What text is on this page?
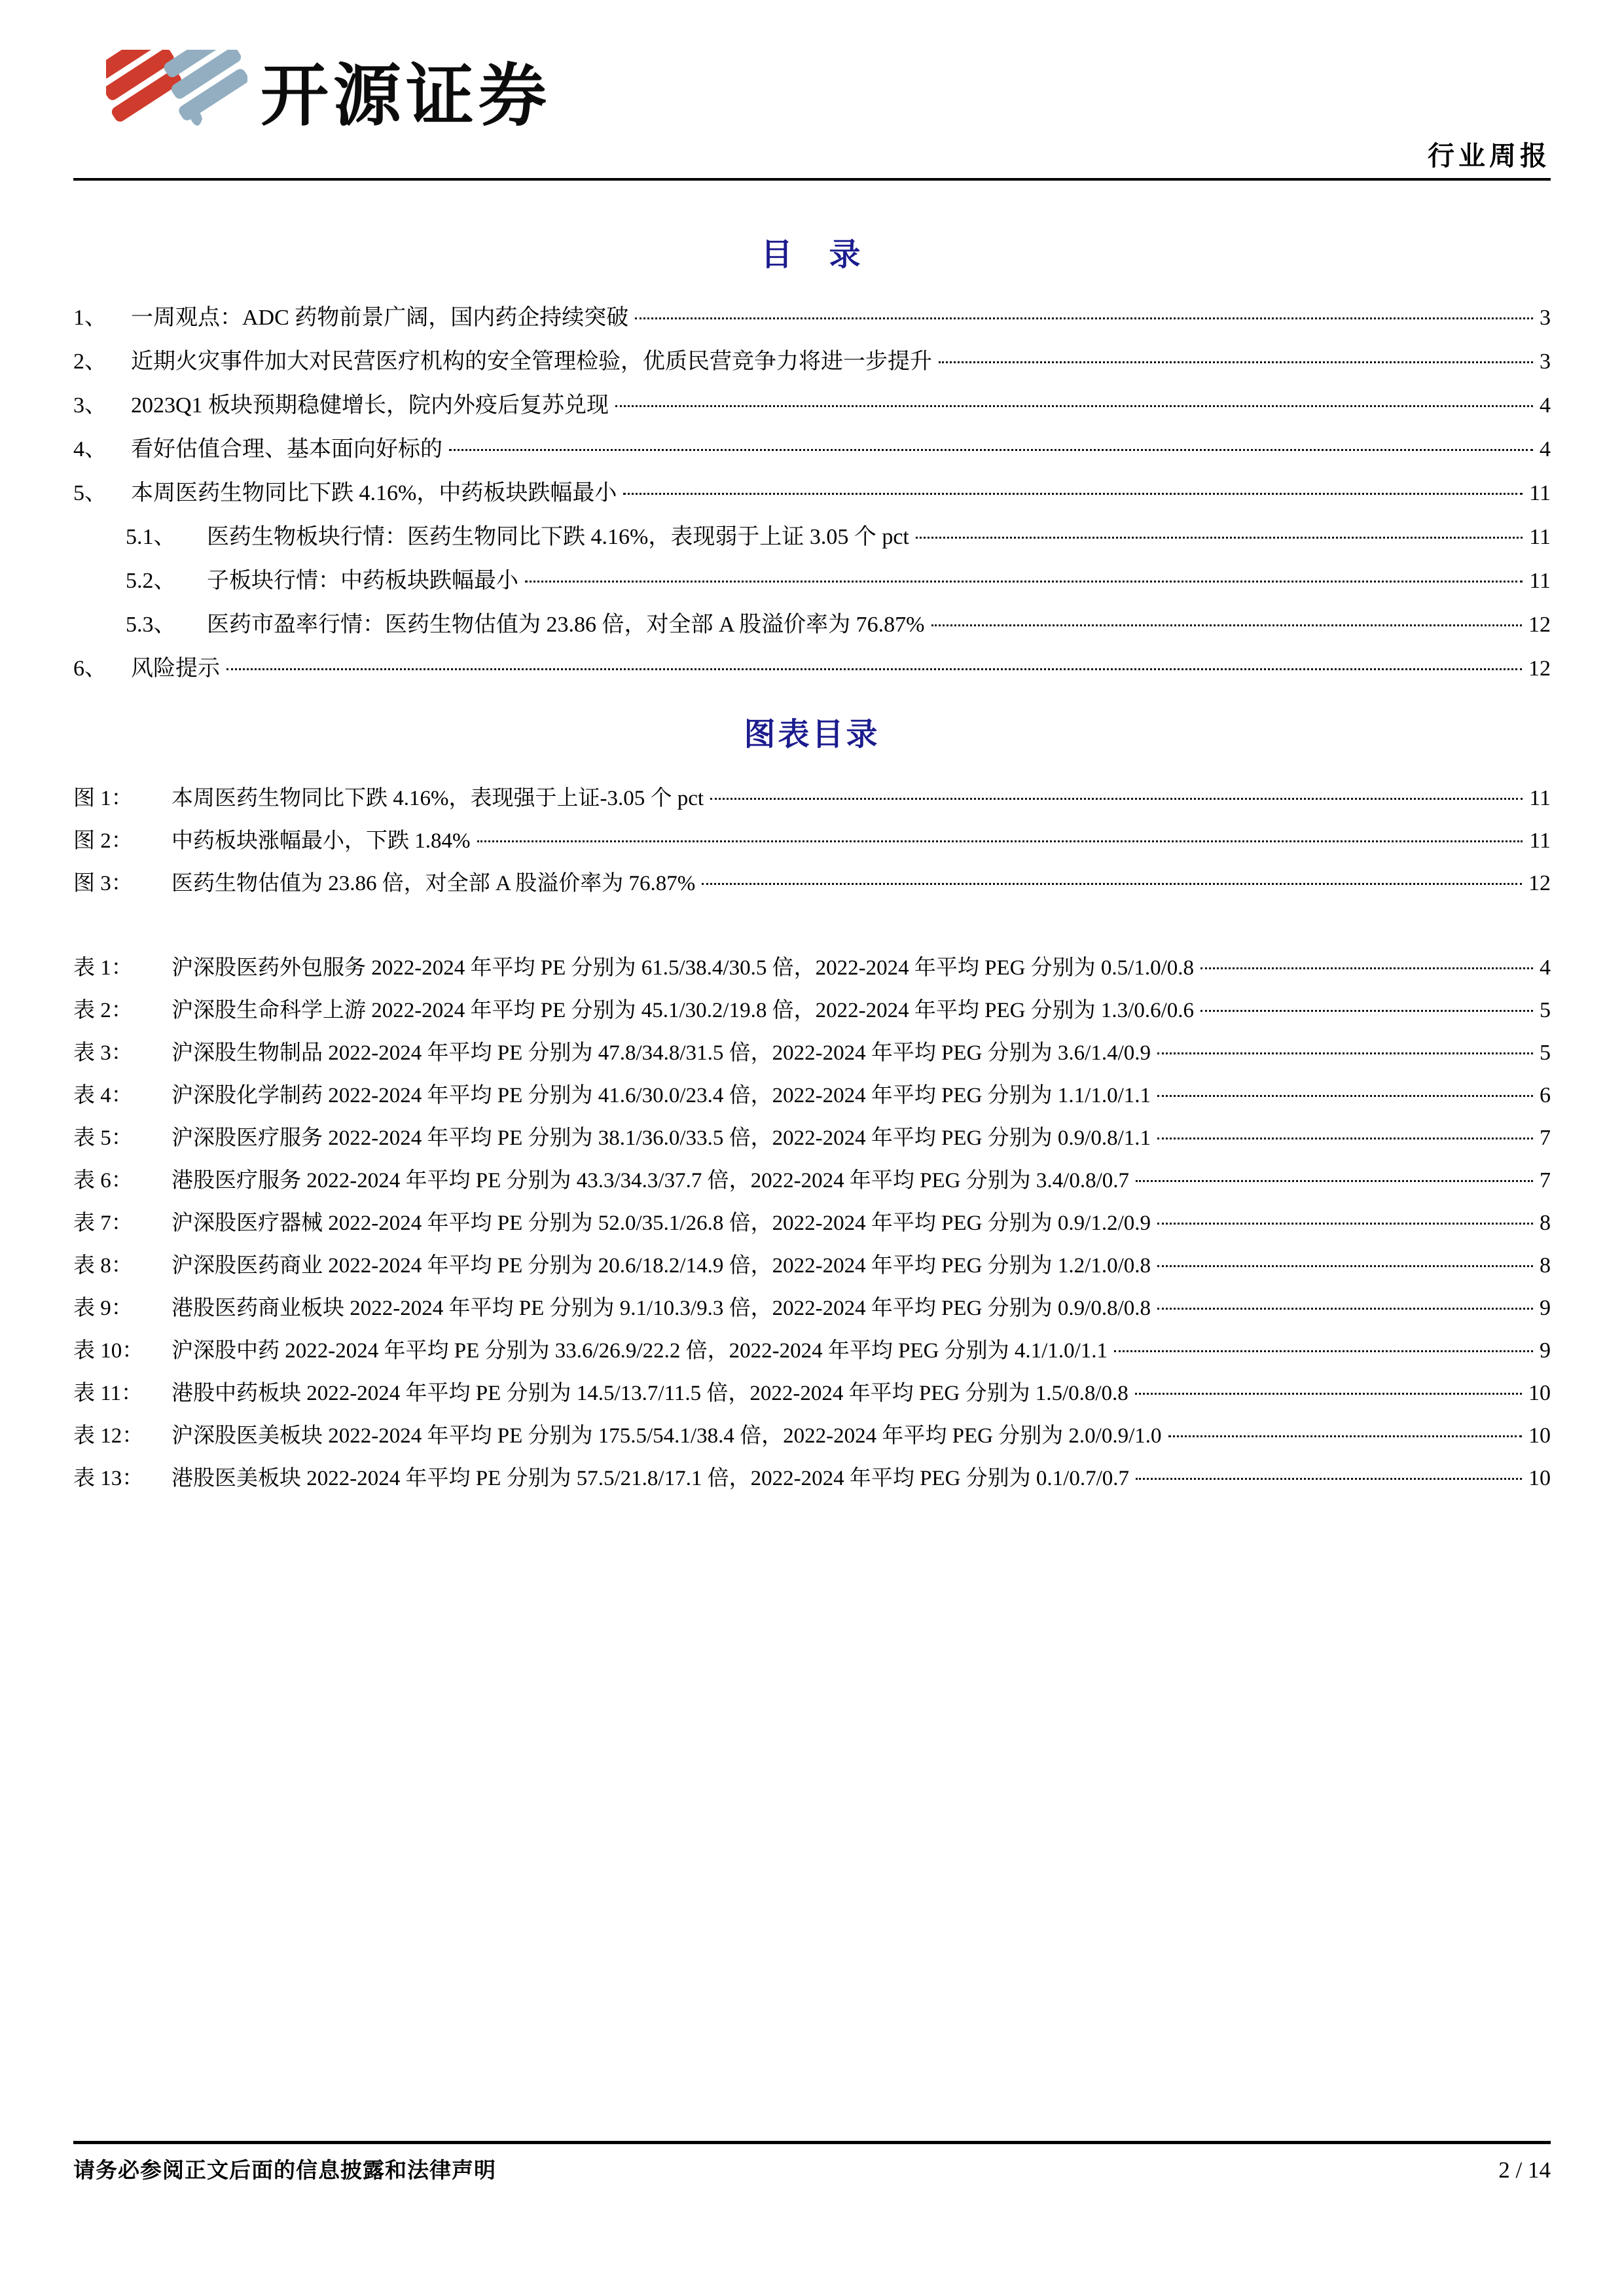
开源证券
行业周报
目　录
1、	一周观点：ADC 药物前景广阔，国内药企持续突破	3
2、	近期火灾事件加大对民营医疗机构的安全管理检验，优质民营竞争力将进一步提升	3
3、	2023Q1 板块预期稳健增长，院内外疫后复苏兑现	4
4、	看好估值合理、基本面向好标的	4
5、	本周医药生物同比下跌 4.16%，中药板块跌幅最小	11
5.1、	医药生物板块行情：医药生物同比下跌 4.16%，表现弱于上证 3.05 个 pct	11
5.2、	子板块行情：中药板块跌幅最小	11
5.3、	医药市盈率行情：医药生物估值为 23.86 倍，对全部 A 股溢价率为 76.87%	12
6、	风险提示	12
图表目录
图 1：	本周医药生物同比下跌 4.16%，表现强于上证-3.05 个 pct	11
图 2：	中药板块涨幅最小，下跌 1.84%	11
图 3：	医药生物估值为 23.86 倍，对全部 A 股溢价率为 76.87%	12
表 1：	沪深股医药外包服务 2022-2024 年平均 PE 分别为 61.5/38.4/30.5 倍，2022-2024 年平均 PEG 分别为 0.5/1.0/0.8	4
表 2：	沪深股生命科学上游 2022-2024 年平均 PE 分别为 45.1/30.2/19.8 倍，2022-2024 年平均 PEG 分别为 1.3/0.6/0.6	5
表 3：	沪深股生物制品 2022-2024 年平均 PE 分别为 47.8/34.8/31.5 倍，2022-2024 年平均 PEG 分别为 3.6/1.4/0.9	5
表 4：	沪深股化学制药 2022-2024 年平均 PE 分别为 41.6/30.0/23.4 倍，2022-2024 年平均 PEG 分别为 1.1/1.0/1.1	6
表 5：	沪深股医疗服务 2022-2024 年平均 PE 分别为 38.1/36.0/33.5 倍，2022-2024 年平均 PEG 分别为 0.9/0.8/1.1	7
表 6：	港股医疗服务 2022-2024 年平均 PE 分别为 43.3/34.3/37.7 倍，2022-2024 年平均 PEG 分别为 3.4/0.8/0.7	7
表 7：	沪深股医疗器械 2022-2024 年平均 PE 分别为 52.0/35.1/26.8 倍，2022-2024 年平均 PEG 分别为 0.9/1.2/0.9	8
表 8：	沪深股医药商业 2022-2024 年平均 PE 分别为 20.6/18.2/14.9 倍，2022-2024 年平均 PEG 分别为 1.2/1.0/0.8	8
表 9：	港股医药商业板块 2022-2024 年平均 PE 分别为 9.1/10.3/9.3 倍，2022-2024 年平均 PEG 分别为 0.9/0.8/0.8	9
表 10：	沪深股中药 2022-2024 年平均 PE 分别为 33.6/26.9/22.2 倍，2022-2024 年平均 PEG 分别为 4.1/1.0/1.1	9
表 11：	港股中药板块 2022-2024 年平均 PE 分别为 14.5/13.7/11.5 倍，2022-2024 年平均 PEG 分别为 1.5/0.8/0.8	10
表 12：	沪深股医美板块 2022-2024 年平均 PE 分别为 175.5/54.1/38.4 倍，2022-2024 年平均 PEG 分别为 2.0/0.9/1.0	10
表 13：	港股医美板块 2022-2024 年平均 PE 分别为 57.5/21.8/17.1 倍，2022-2024 年平均 PEG 分别为 0.1/0.7/0.7	10
请务必参阅正文后面的信息披露和法律声明	2 / 14
